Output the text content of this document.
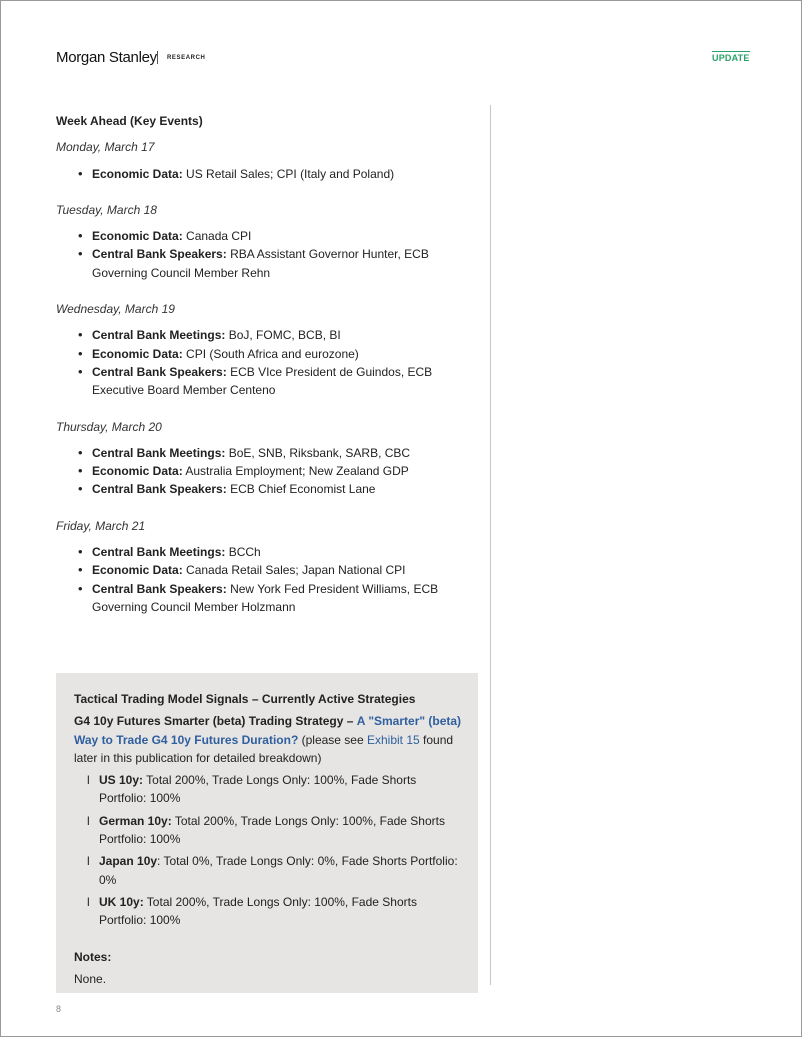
Morgan Stanley RESEARCH	UPDATE
Week Ahead (Key Events)
Monday, March 17
• Economic Data: US Retail Sales; CPI (Italy and Poland)
Tuesday, March 18
• Economic Data: Canada CPI
• Central Bank Speakers: RBA Assistant Governor Hunter, ECB Governing Council Member Rehn
Wednesday, March 19
• Central Bank Meetings: BoJ, FOMC, BCB, BI
• Economic Data: CPI (South Africa and eurozone)
• Central Bank Speakers: ECB VIce President de Guindos, ECB Executive Board Member Centeno
Thursday, March 20
• Central Bank Meetings: BoE, SNB, Riksbank, SARB, CBC
• Economic Data: Australia Employment; New Zealand GDP
• Central Bank Speakers: ECB Chief Economist Lane
Friday, March 21
• Central Bank Meetings: BCCh
• Economic Data: Canada Retail Sales; Japan National CPI
• Central Bank Speakers: New York Fed President Williams, ECB Governing Council Member Holzmann
Tactical Trading Model Signals – Currently Active Strategies
G4 10y Futures Smarter (beta) Trading Strategy – A "Smarter" (beta) Way to Trade G4 10y Futures Duration? (please see Exhibit 15 found later in this publication for detailed breakdown)
l US 10y: Total 200%, Trade Longs Only: 100%, Fade Shorts Portfolio: 100%
l German 10y: Total 200%, Trade Longs Only: 100%, Fade Shorts Portfolio: 100%
l Japan 10y: Total 0%, Trade Longs Only: 0%, Fade Shorts Portfolio: 0%
l UK 10y: Total 200%, Trade Longs Only: 100%, Fade Shorts Portfolio: 100%
Notes:
None.
8
